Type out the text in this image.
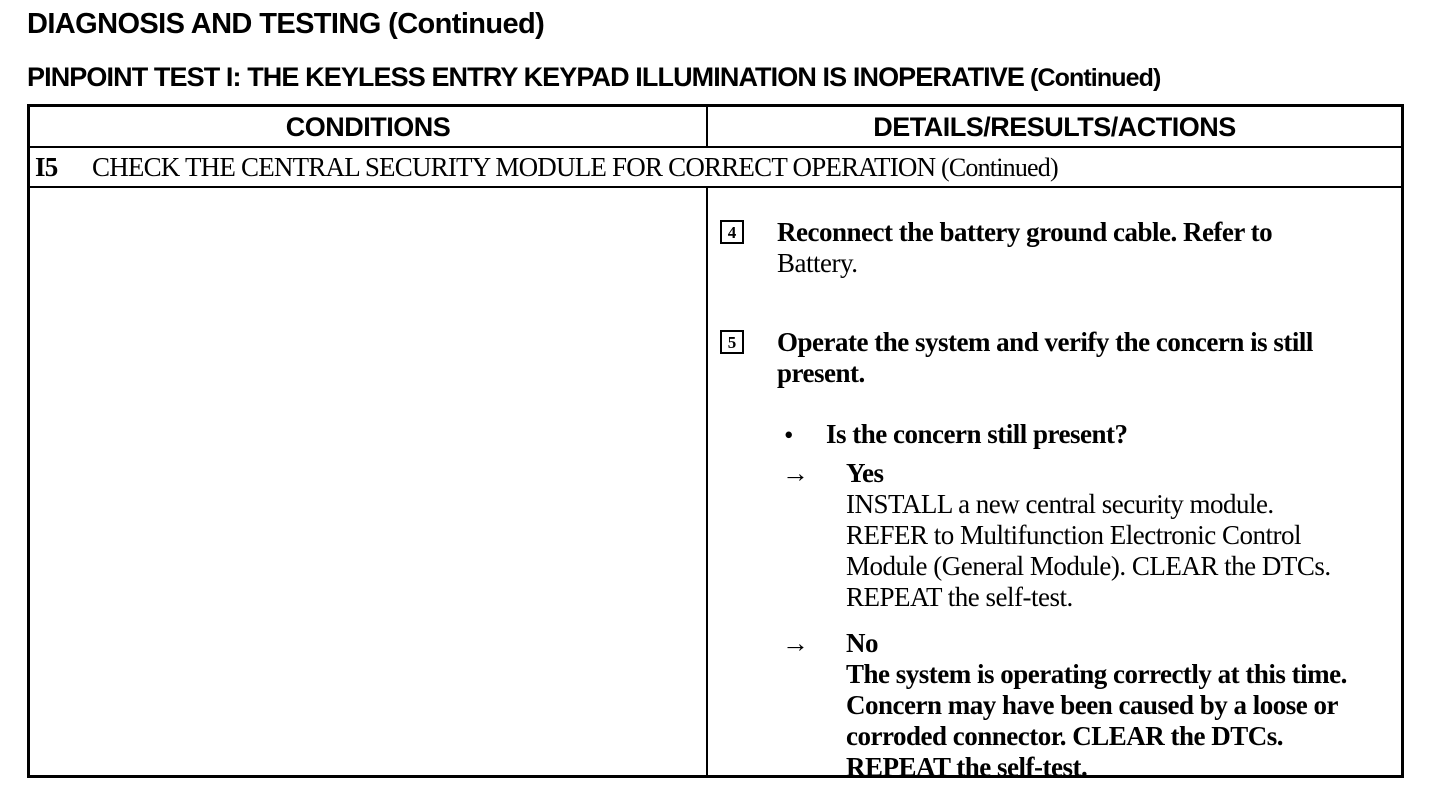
DIAGNOSIS AND TESTING (Continued)
PINPOINT TEST I: THE KEYLESS ENTRY KEYPAD ILLUMINATION IS INOPERATIVE (Continued)
CONDITIONS	DETAILS/RESULTS/ACTIONS
I5 CHECK THE CENTRAL SECURITY MODULE FOR CORRECT OPERATION (Continued)
4 Reconnect the battery ground cable. Refer to
Battery.
5 Operate the system and verify the concern is still
present.
• Is the concern still present?
→ Yes
INSTALL a new central security module.
REFER to Multifunction Electronic Control
Module (General Module). CLEAR the DTCs.
REPEAT the self-test.
→ No
The system is operating correctly at this time.
Concern may have been caused by a loose or
corroded connector. CLEAR the DTCs.
REPEAT the self-test.
